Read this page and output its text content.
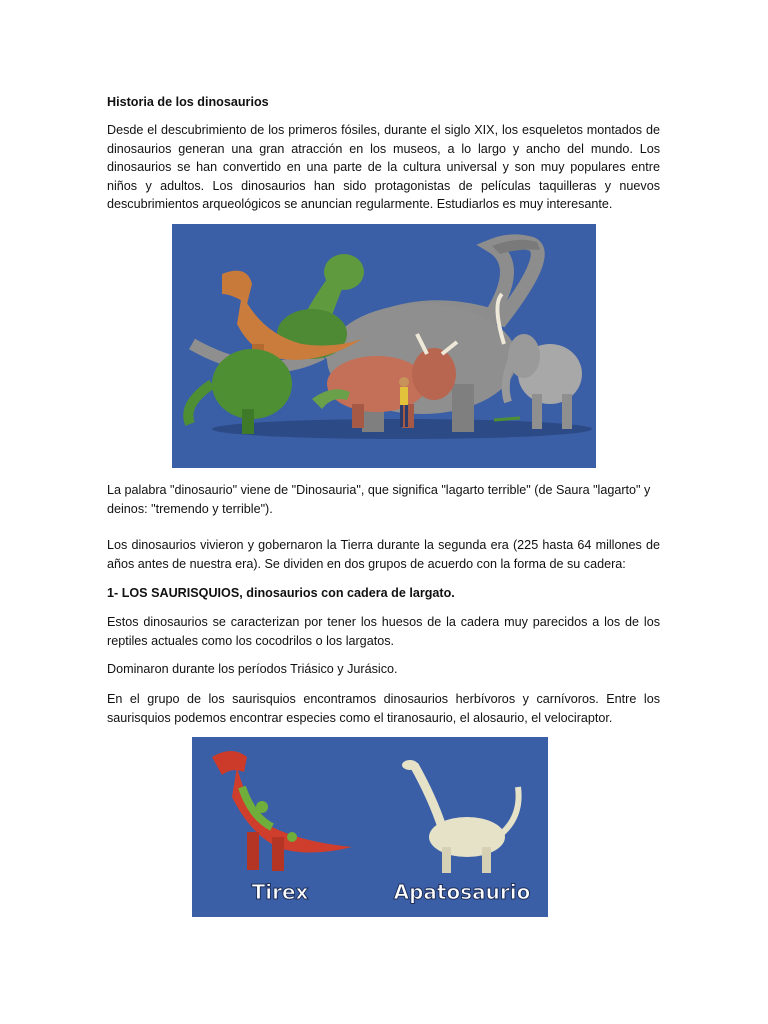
Historia de los dinosaurios
Desde el descubrimiento de los primeros fósiles, durante el siglo XIX, los esqueletos montados de dinosaurios generan una gran atracción en los museos, a lo largo y ancho del mundo. Los dinosaurios se han convertido en una parte de la cultura universal y son muy populares entre niños y adultos. Los dinosaurios han sido protagonistas de películas taquilleras y nuevos descubrimientos arqueológicos se anuncian regularmente. Estudiarlos es muy interesante.
La palabra "dinosaurio" viene de "Dinosauria", que significa "lagarto terrible" (de Saura "lagarto" y deinos: "tremendo y terrible").
Los dinosaurios vivieron y gobernaron la Tierra durante la segunda era (225 hasta 64 millones de años antes de nuestra era). Se dividen en dos grupos de acuerdo con la forma de su cadera:
1- LOS SAURISQUIOS, dinosaurios con cadera de largato.
Estos dinosaurios se caracterizan por tener los huesos de la cadera muy parecidos a los de los reptiles actuales como los cocodrilos o los largatos.
Dominaron durante los períodos Triásico y Jurásico.
En el grupo de los saurisquios encontramos dinosaurios herbívoros y carnívoros. Entre los saurisquios podemos encontrar especies como el tiranosaurio, el alosaurio, el velociraptor.
Tirex	Apatosaurio
